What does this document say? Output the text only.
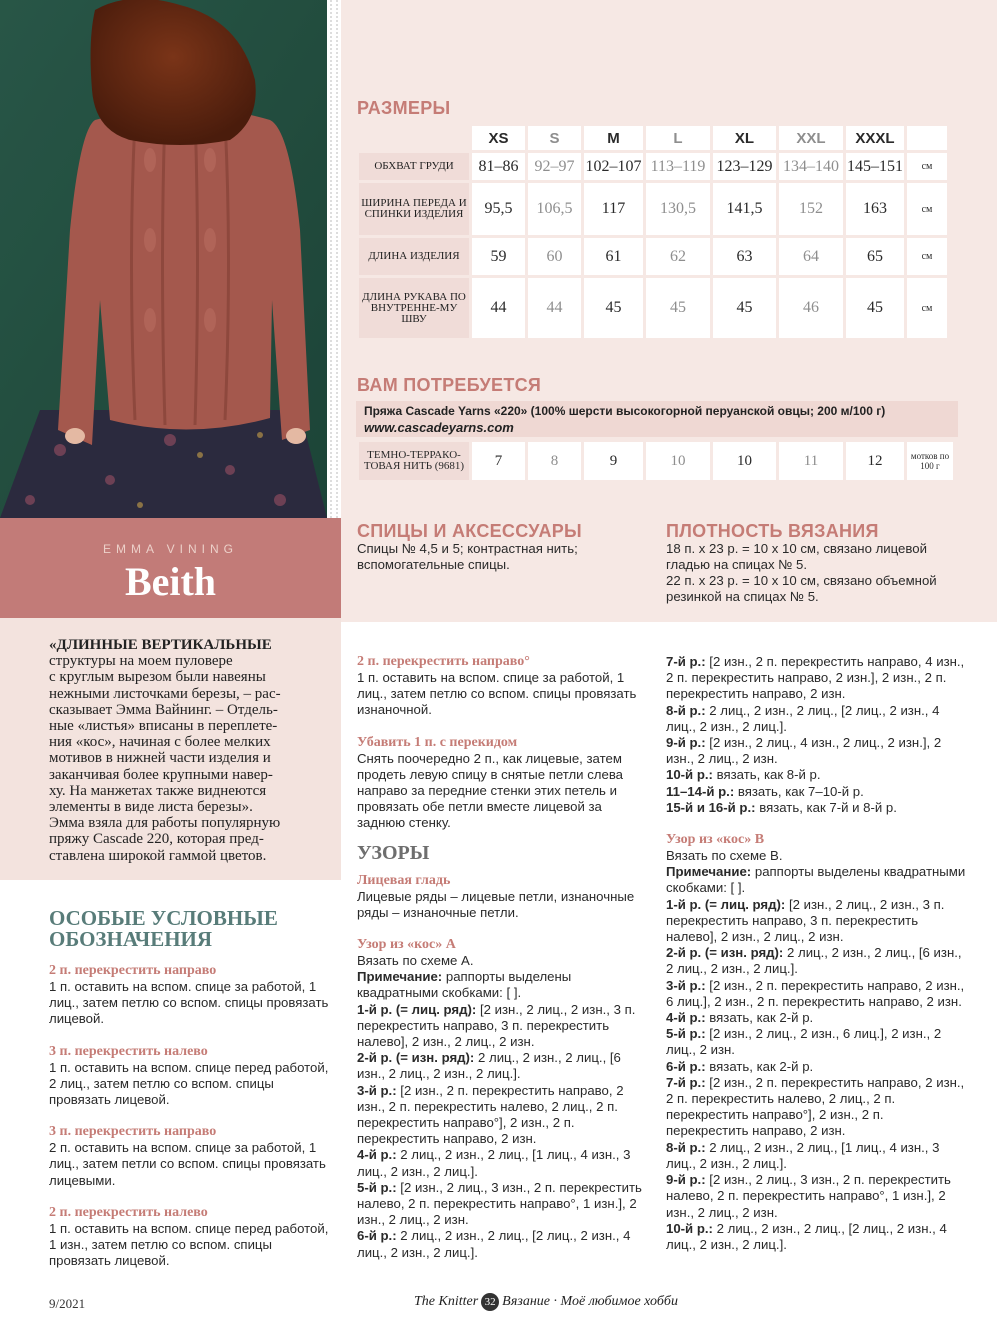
EMMA VINING
Beith
«ДЛИННЫЕ ВЕРТИКАЛЬНЫЕ
структуры на моем пуловере
с круглым вырезом были навеяны
нежными листочками березы, – рас-
сказывает Эмма Вайнинг. – Отдель-
ные «листья» вписаны в переплете-
ния «кос», начиная с более мелких
мотивов в нижней части изделия и
заканчивая более крупными навер-
ху. На манжетах также виднеются
элементы в виде листа березы».
Эмма взяла для работы популярную
пряжу Cascade 220, которая пред-
ставлена широкой гаммой цветов.
РАЗМЕРЫ
	XS	S	M	L	XL	XXL	XXXL	
ОБХВАТ ГРУДИ	81–86	92–97	102–107	113–119	123–129	134–140	145–151	см
ШИРИНА ПЕРЕДА И СПИНКИ ИЗДЕЛИЯ	95,5	106,5	117	130,5	141,5	152	163	см
ДЛИНА ИЗДЕЛИЯ	59	60	61	62	63	64	65	см
ДЛИНА РУКАВА ПО ВНУТРЕННЕ-МУ ШВУ	44	44	45	45	45	46	45	см
ВАМ ПОТРЕБУЕТСЯ
Пряжа Cascade Yarns «220» (100% шерсти высокогорной перуанской овцы; 200 м/100 г)
www.cascadeyarns.com
ТЕМНО-ТЕРРАКО-ТОВАЯ НИТЬ (9681)	7	8	9	10	10	11	12	мотков по 100 г
СПИЦЫ И АКСЕССУАРЫ
Спицы № 4,5 и 5; контрастная нить; вспомогательные спицы.
ПЛОТНОСТЬ ВЯЗАНИЯ
18 п. х 23 р. = 10 х 10 см, связано лицевой гладью на спицах № 5.
22 п. х 23 р. = 10 х 10 см, связано объемной резинкой на спицах № 5.
ОСОБЫЕ УСЛОВНЫЕ ОБОЗНАЧЕНИЯ
2 п. перекрестить направо
1 п. оставить на вспом. спице за работой, 1 лиц., затем петлю со вспом. спицы провязать лицевой.
3 п. перекрестить налево
1 п. оставить на вспом. спице перед работой, 2 лиц., затем петлю со вспом. спицы провязать лицевой.
3 п. перекрестить направо
2 п. оставить на вспом. спице за работой, 1 лиц., затем петли со вспом. спицы провязать лицевыми.
2 п. перекрестить налево
1 п. оставить на вспом. спице перед работой, 1 изн., затем петлю со вспом. спицы провязать лицевой.
2 п. перекрестить направо°
1 п. оставить на вспом. спице за работой, 1 лиц., затем петлю со вспом. спицы провязать изнаночной.
Убавить 1 п. с перекидом
Снять поочередно 2 п., как лицевые, затем продеть левую спицу в снятые петли слева направо за передние стенки этих петель и провязать обе петли вместе лицевой за заднюю стенку.
УЗОРЫ
Лицевая гладь
Лицевые ряды – лицевые петли, изнаночные ряды – изнаночные петли.
Узор из «кос» A
Вязать по схеме A.
Примечание: раппорты выделены квадратными скобками: [ ].
1-й р. (= лиц. ряд): [2 изн., 2 лиц., 2 изн., 3 п. перекрестить направо, 3 п. перекрестить налево], 2 изн., 2 лиц., 2 изн.
2-й р. (= изн. ряд): 2 лиц., 2 изн., 2 лиц., [6 изн., 2 лиц., 2 изн., 2 лиц.].
3-й р.: [2 изн., 2 п. перекрестить направо, 2 изн., 2 п. перекрестить налево, 2 лиц., 2 п. перекрестить направо°], 2 изн., 2 п. перекрестить направо, 2 изн.
4-й р.: 2 лиц., 2 изн., 2 лиц., [1 лиц., 4 изн., 3 лиц., 2 изн., 2 лиц.].
5-й р.: [2 изн., 2 лиц., 3 изн., 2 п. перекрестить налево, 2 п. перекрестить направо°, 1 изн.], 2 изн., 2 лиц., 2 изн.
6-й р.: 2 лиц., 2 изн., 2 лиц., [2 лиц., 2 изн., 4 лиц., 2 изн., 2 лиц.].
7-й р.: [2 изн., 2 п. перекрестить направо, 4 изн., 2 п. перекрестить направо, 2 изн.], 2 изн., 2 п. перекрестить направо, 2 изн.
8-й р.: 2 лиц., 2 изн., 2 лиц., [2 лиц., 2 изн., 4 лиц., 2 изн., 2 лиц.].
9-й р.: [2 изн., 2 лиц., 4 изн., 2 лиц., 2 изн.], 2 изн., 2 лиц., 2 изн.
10-й р.: вязать, как 8-й р.
11–14-й р.: вязать, как 7–10-й р.
15-й и 16-й р.: вязать, как 7-й и 8-й р.
Узор из «кос» B
Вязать по схеме B.
Примечание: раппорты выделены квадратными скобками: [ ].
1-й р. (= лиц. ряд): [2 изн., 2 лиц., 2 изн., 3 п. перекрестить направо, 3 п. перекрестить налево], 2 изн., 2 лиц., 2 изн.
2-й р. (= изн. ряд): 2 лиц., 2 изн., 2 лиц., [6 изн., 2 лиц., 2 изн., 2 лиц.].
3-й р.: [2 изн., 2 п. перекрестить направо, 2 изн., 6 лиц.], 2 изн., 2 п. перекрестить направо, 2 изн.
4-й р.: вязать, как 2-й р.
5-й р.: [2 изн., 2 лиц., 2 изн., 6 лиц.], 2 изн., 2 лиц., 2 изн.
6-й р.: вязать, как 2-й р.
7-й р.: [2 изн., 2 п. перекрестить направо, 2 изн., 2 п. перекрестить налево, 2 лиц., 2 п. перекрестить направо°], 2 изн., 2 п. перекрестить направо, 2 изн.
8-й р.: 2 лиц., 2 изн., 2 лиц., [1 лиц., 4 изн., 3 лиц., 2 изн., 2 лиц.].
9-й р.: [2 изн., 2 лиц., 3 изн., 2 п. перекрестить налево, 2 п. перекрестить направо°, 1 изн.], 2 изн., 2 лиц., 2 изн.
10-й р.: 2 лиц., 2 изн., 2 лиц., [2 лиц., 2 изн., 4 лиц., 2 изн., 2 лиц.].
9/2021	The Knitter 32 Вязание · Моё любимое хобби
